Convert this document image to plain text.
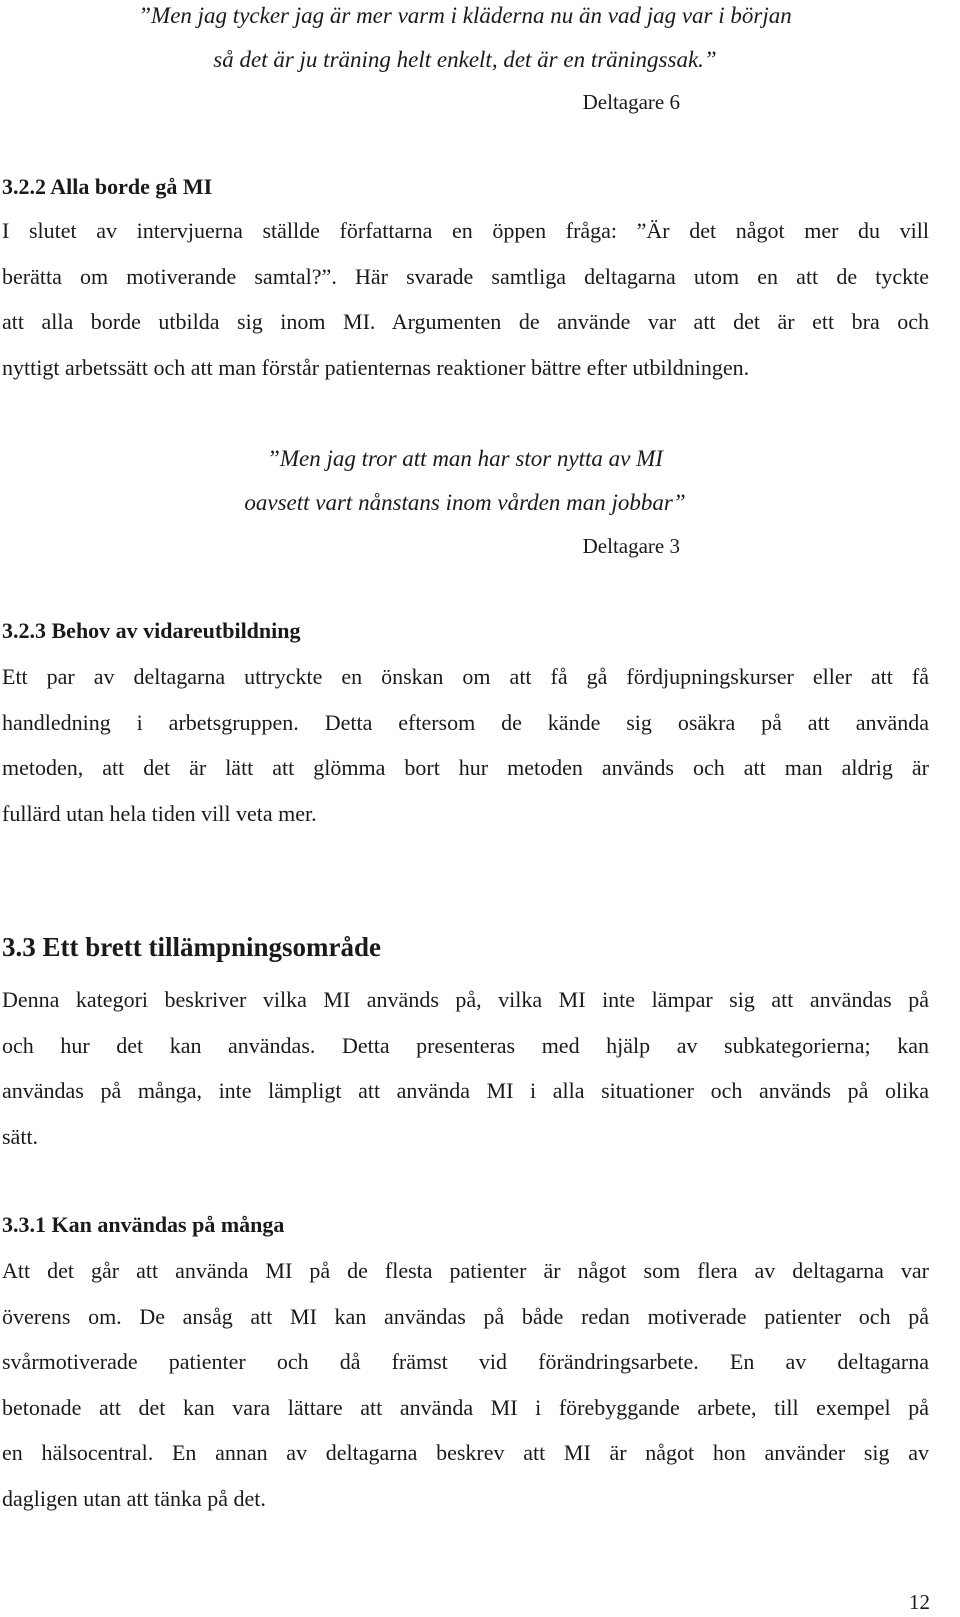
”Men jag tycker jag är mer varm i kläderna nu än vad jag var i början
så det är ju träning helt enkelt, det är en träningssak.”
Deltagare 6
3.2.2 Alla borde gå MI
I slutet av intervjuerna ställde författarna en öppen fråga: ”Är det något mer du vill
berätta om motiverande samtal?”. Här svarade samtliga deltagarna utom en att de tyckte
att alla borde utbilda sig inom MI. Argumenten de använde var att det är ett bra och
nyttigt arbetssätt och att man förstår patienternas reaktioner bättre efter utbildningen.
”Men jag tror att man har stor nytta av MI
oavsett vart nånstans inom vården man jobbar”
Deltagare 3
3.2.3 Behov av vidareutbildning
Ett par av deltagarna uttryckte en önskan om att få gå fördjupningskurser eller att få
handledning i arbetsgruppen. Detta eftersom de kände sig osäkra på att använda
metoden, att det är lätt att glömma bort hur metoden används och att man aldrig är
fullärd utan hela tiden vill veta mer.
3.3 Ett brett tillämpningsområde
Denna kategori beskriver vilka MI används på, vilka MI inte lämpar sig att användas på
och hur det kan användas. Detta presenteras med hjälp av subkategorierna; kan
användas på många, inte lämpligt att använda MI i alla situationer och används på olika
sätt.
3.3.1 Kan användas på många
Att det går att använda MI på de flesta patienter är något som flera av deltagarna var
överens om. De ansåg att MI kan användas på både redan motiverade patienter och på
svårmotiverade patienter och då främst vid förändringsarbete. En av deltagarna
betonade att det kan vara lättare att använda MI i förebyggande arbete, till exempel på
en hälsocentral. En annan av deltagarna beskrev att MI är något hon använder sig av
dagligen utan att tänka på det.
12
